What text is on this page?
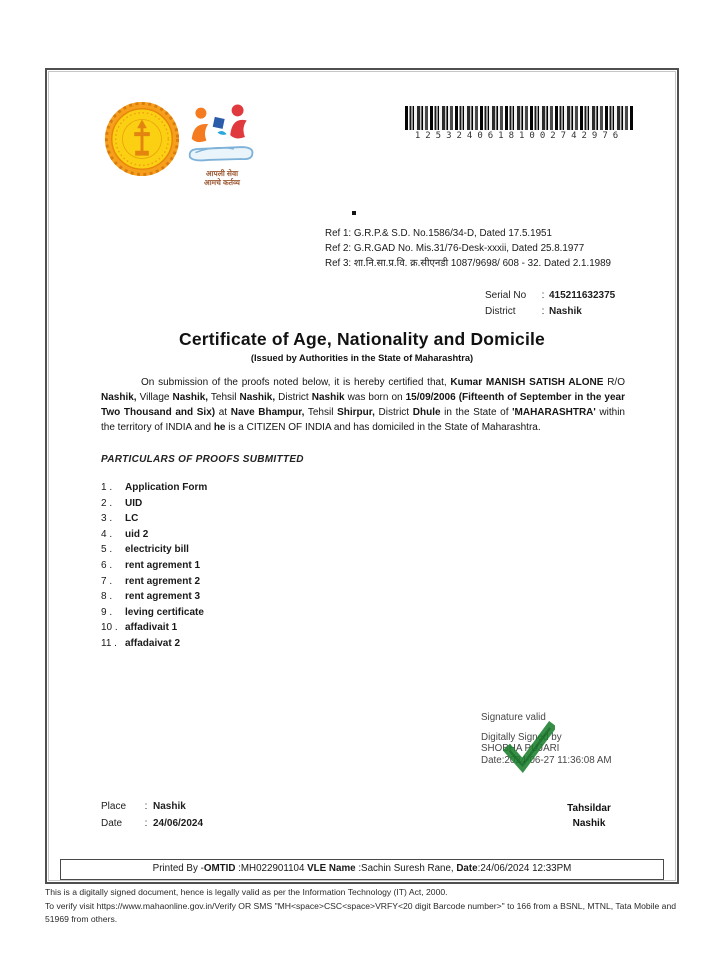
आपली सेवा
आमचे कर्तव्य
12532406181002742976
Ref 1: G.R.P.& S.D. No.1586/34-D, Dated 17.5.1951
Ref 2: G.R.GAD No. Mis.31/76-Desk-xxxii, Dated 25.8.1977
Ref 3: शा.नि.सा.प्र.वि. क्र.सीएनडी 1087/9698/ 608 - 32. Dated 2.1.1989
Serial No : 415211632375
District	: Nashik
Certificate of Age, Nationality and Domicile
(Issued by Authorities in the State of Maharashtra)

On submission of the proofs noted below, it is hereby certified that, Kumar MANISH SATISH ALONE R/O Nashik, Village Nashik, Tehsil Nashik, District Nashik was born on 15/09/2006 (Fifteenth of September in the year Two Thousand and Six) at Nave Bhampur, Tehsil Shirpur, District Dhule in the State of 'MAHARASHTRA' within the territory of INDIA and he is a CITIZEN OF INDIA and has domiciled in the State of Maharashtra.

PARTICULARS OF PROOFS SUBMITTED
1 .	Application Form
2 .	UID
3 .	LC
4 .	uid 2
5 .	electricity bill
6 .	rent agrement 1
7 .	rent agrement 2
8 .	rent agrement 3
9 .	leving certificate
10 . affadivait 1
11 . affadaivat 2
Signature valid
Digitally Signed by
SHOBHA PUJARI
Date:2024-06-27 11:36:08 AM
Place : Nashik
Date : 24/06/2024
Tahsildar
Nashik
Printed By -OMTID :MH022901104 VLE Name :Sachin Suresh Rane, Date:24/06/2024 12:33PM

This is a digitally signed document, hence is legally valid as per the Information Technology (IT) Act, 2000.

To verify visit https://www.mahaonline.gov.in/Verify OR SMS "MH<space>CSC<space>VRFY<20 digit Barcode number>" to 166 from a BSNL, MTNL, Tata Mobile and 51969 from others.
